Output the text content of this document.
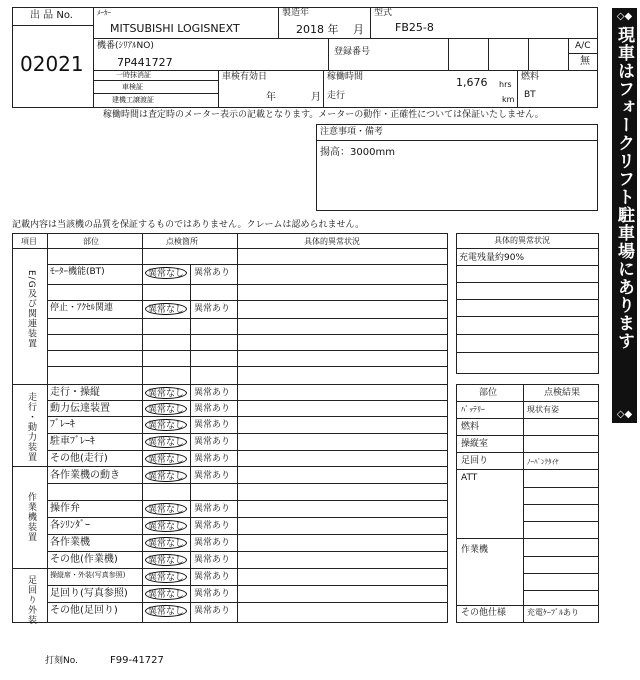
◇◆
現車はフォークリフト駐車場にあります
◇◆
出 品 No.
02021
ﾒｰｶｰ
MITSUBISHI LOGISNEXT
製造年
2018 年 月
型式
FB25-8
機番(ｼﾘｱﾙNO)
7P441727
登録番号
A/C
無
一時抹消証
車検証
建機工譲渡証
車検有効日
年	月
稼働時間	1,676 hrs
走行	km
燃料
BT
稼働時間は査定時のメーター表示の記載となります。メーターの動作・正確性については保証いたしません。
注意事項・備考
揚高：3000mm
記載内容は当該機の品質を保証するものではありません。クレームは認められません。
項目	部位	点検箇所	具体的異常状況
E/G及び関連装置
走行・動力装置
作業機装置
足回り外装
ﾓｰﾀｰ機能(BT)	異常なし	異常あり
停止・ｱｸｾﾙ関連	異常なし	異常あり
走行・操縦	異常なし	異常あり
動力伝達装置	異常なし	異常あり
ﾌﾞﾚｰｷ	異常なし	異常あり
駐車ﾌﾞﾚｰｷ	異常なし	異常あり
その他(走行)	異常なし	異常あり
各作業機の動き	異常なし	異常あり
操作弁	異常なし	異常あり
各ｼﾘﾝﾀﾞｰ	異常なし	異常あり
各作業機	異常なし	異常あり
その他(作業機)	異常なし	異常あり
操縦席・外装(写真参照)	異常なし	異常あり
足回り(写真参照)	異常なし	異常あり
その他(足回り)	異常なし	異常あり
具体的異常状況
充電残量約90%
部位	点検結果
ﾊﾞｯﾃﾘｰ	現状有姿
燃料
操縦室
足回り	ﾉｰﾊﾟﾝｸﾀｲﾔ
ATT
作業機
その他仕様	充電ｹｰﾌﾞﾙあり
打刻No.	F99-41727
